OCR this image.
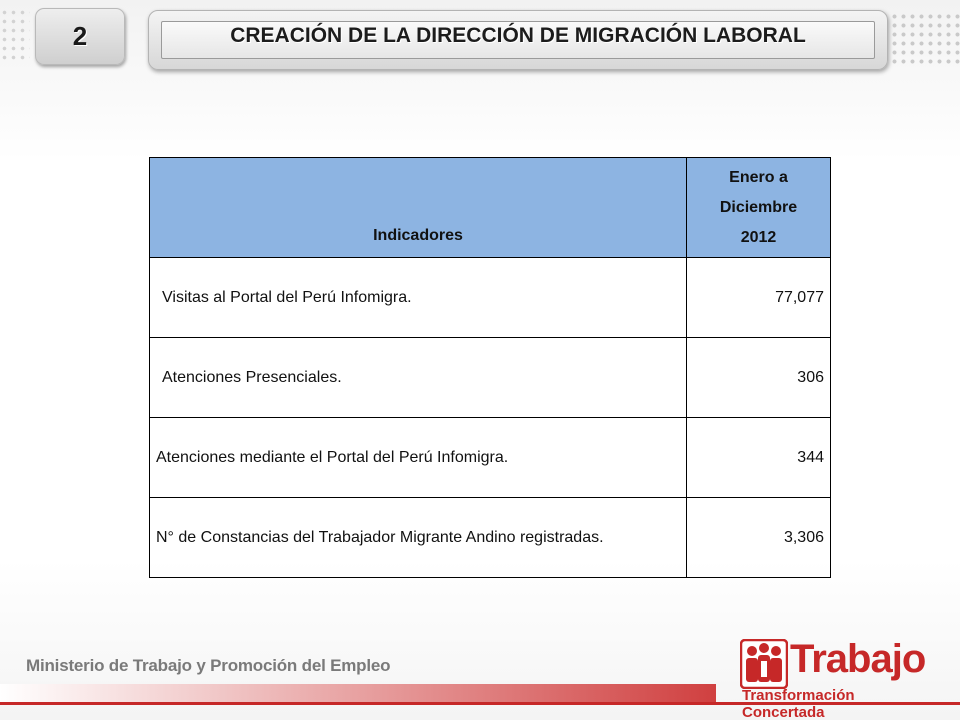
2	CREACIÓN DE LA DIRECCIÓN DE MIGRACIÓN LABORAL
Indicadores	Enero a
Diciembre
2012
Visitas al Portal del Perú Infomigra.	77,077
Atenciones Presenciales.	306
Atenciones mediante el Portal del Perú Infomigra.	344
N° de Constancias del Trabajador Migrante Andino registradas.	3,306
Ministerio de Trabajo y Promoción del Empleo	Trabajo
Transformación Concertada
